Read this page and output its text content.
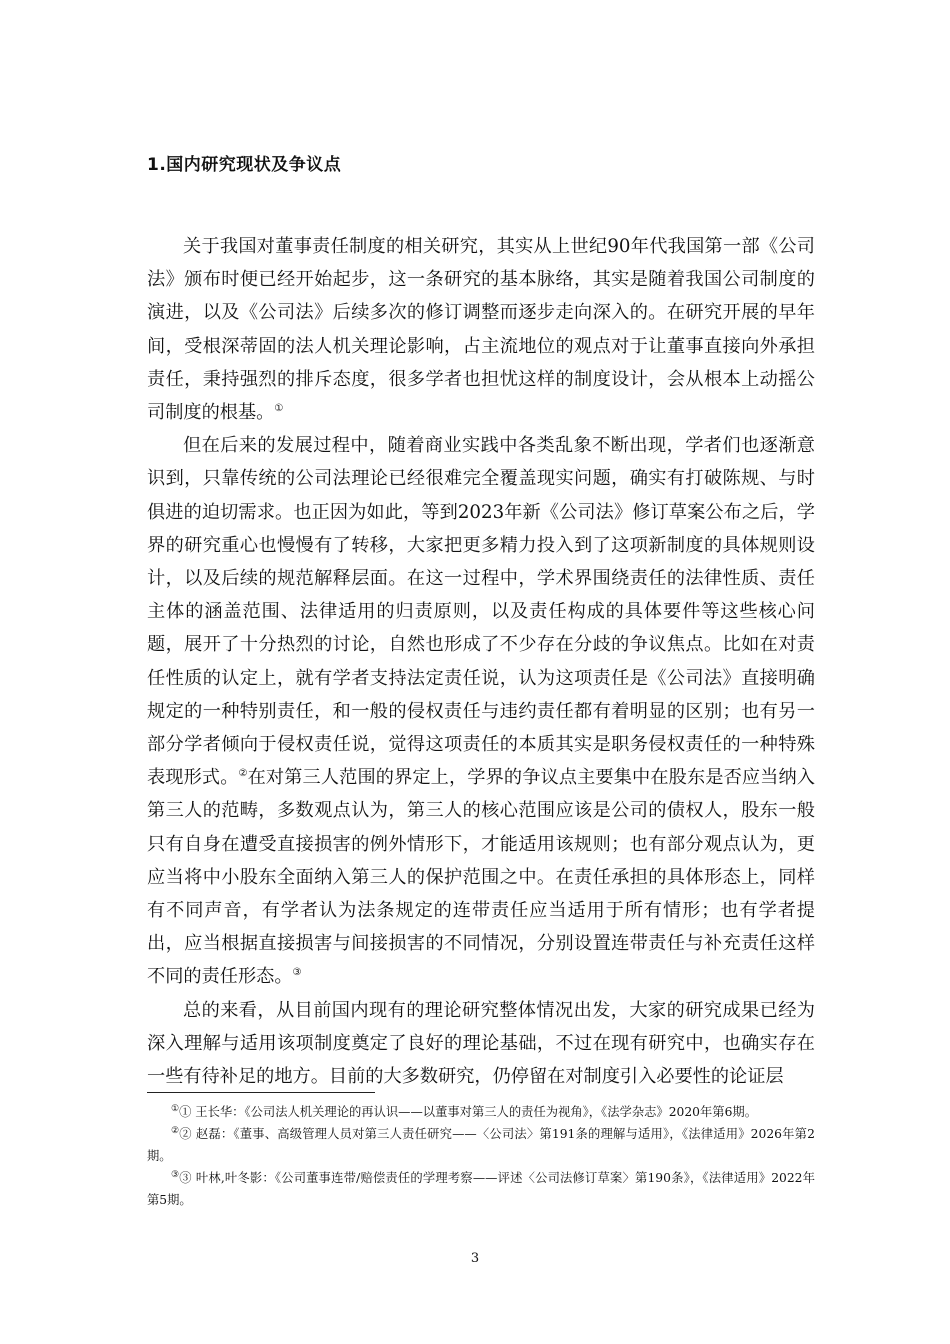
1.国内研究现状及争议点

关于我国对董事责任制度的相关研究，其实从上世纪90年代我国第一部《公司法》颁布时便已经开始起步，这一条研究的基本脉络，其实是随着我国公司制度的演进，以及《公司法》后续多次的修订调整而逐步走向深入的。在研究开展的早年间，受根深蒂固的法人机关理论影响，占主流地位的观点对于让董事直接向外承担责任，秉持强烈的排斥态度，很多学者也担忧这样的制度设计，会从根本上动摇公司制度的根基。①

但在后来的发展过程中，随着商业实践中各类乱象不断出现，学者们也逐渐意识到，只靠传统的公司法理论已经很难完全覆盖现实问题，确实有打破陈规、与时俱进的迫切需求。也正因为如此，等到2023年新《公司法》修订草案公布之后，学界的研究重心也慢慢有了转移，大家把更多精力投入到了这项新制度的具体规则设计，以及后续的规范解释层面。在这一过程中，学术界围绕责任的法律性质、责任主体的涵盖范围、法律适用的归责原则，以及责任构成的具体要件等这些核心问题，展开了十分热烈的讨论，自然也形成了不少存在分歧的争议焦点。比如在对责任性质的认定上，就有学者支持法定责任说，认为这项责任是《公司法》直接明确规定的一种特别责任，和一般的侵权责任与违约责任都有着明显的区别；也有另一部分学者倾向于侵权责任说，觉得这项责任的本质其实是职务侵权责任的一种特殊表现形式。②在对第三人范围的界定上，学界的争议点主要集中在股东是否应当纳入第三人的范畴，多数观点认为，第三人的核心范围应该是公司的债权人，股东一般只有自身在遭受直接损害的例外情形下，才能适用该规则；也有部分观点认为，更应当将中小股东全面纳入第三人的保护范围之中。在责任承担的具体形态上，同样有不同声音，有学者认为法条规定的连带责任应当适用于所有情形；也有学者提出，应当根据直接损害与间接损害的不同情况，分别设置连带责任与补充责任这样不同的责任形态。③

总的来看，从目前国内现有的理论研究整体情况出发，大家的研究成果已经为深入理解与适用该项制度奠定了良好的理论基础，不过在现有研究中，也确实存在一些有待补足的地方。目前的大多数研究，仍停留在对制度引入必要性的论证层

①① 王长华：《公司法人机关理论的再认识——以董事对第三人的责任为视角》，《法学杂志》2020年第6期。

②② 赵磊：《董事、高级管理人员对第三人责任研究——〈公司法〉第191条的理解与适用》，《法律适用》2026年第2期。

③③ 叶林,叶冬影：《公司董事连带/赔偿责任的学理考察——评述〈公司法修订草案〉第190条》，《法律适用》2022年第5期。

3
